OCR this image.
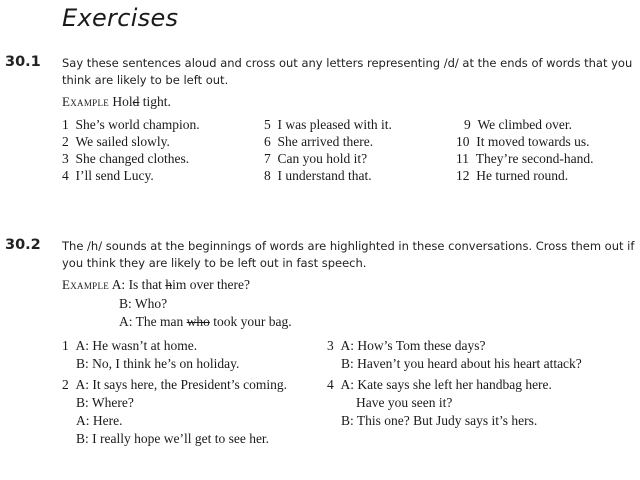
Exercises
30.1 Say these sentences aloud and cross out any letters representing /d/ at the ends of words that you
think are likely to be left out.
Example Hold tight.
1 She’s world champion.
2 We sailed slowly.
3 She changed clothes.
4 I’ll send Lucy.
5 I was pleased with it.
6 She arrived there.
7 Can you hold it?
8 I understand that.
9 We climbed over.
10 It moved towards us.
11 They’re second-hand.
12 He turned round.
30.2 The /h/ sounds at the beginnings of words are highlighted in these conversations. Cross them out if
you think they are likely to be left out in fast speech.
Example A: Is that him over there?
B: Who?
A: The man who took your bag.
1 A: He wasn’t at home.
B: No, I think he’s on holiday.
2 A: It says here, the President’s coming.
B: Where?
A: Here.
B: I really hope we’ll get to see her.
3 A: How’s Tom these days?
B: Haven’t you heard about his heart attack?
4 A: Kate says she left her handbag here.
Have you seen it?
B: This one? But Judy says it’s hers.
